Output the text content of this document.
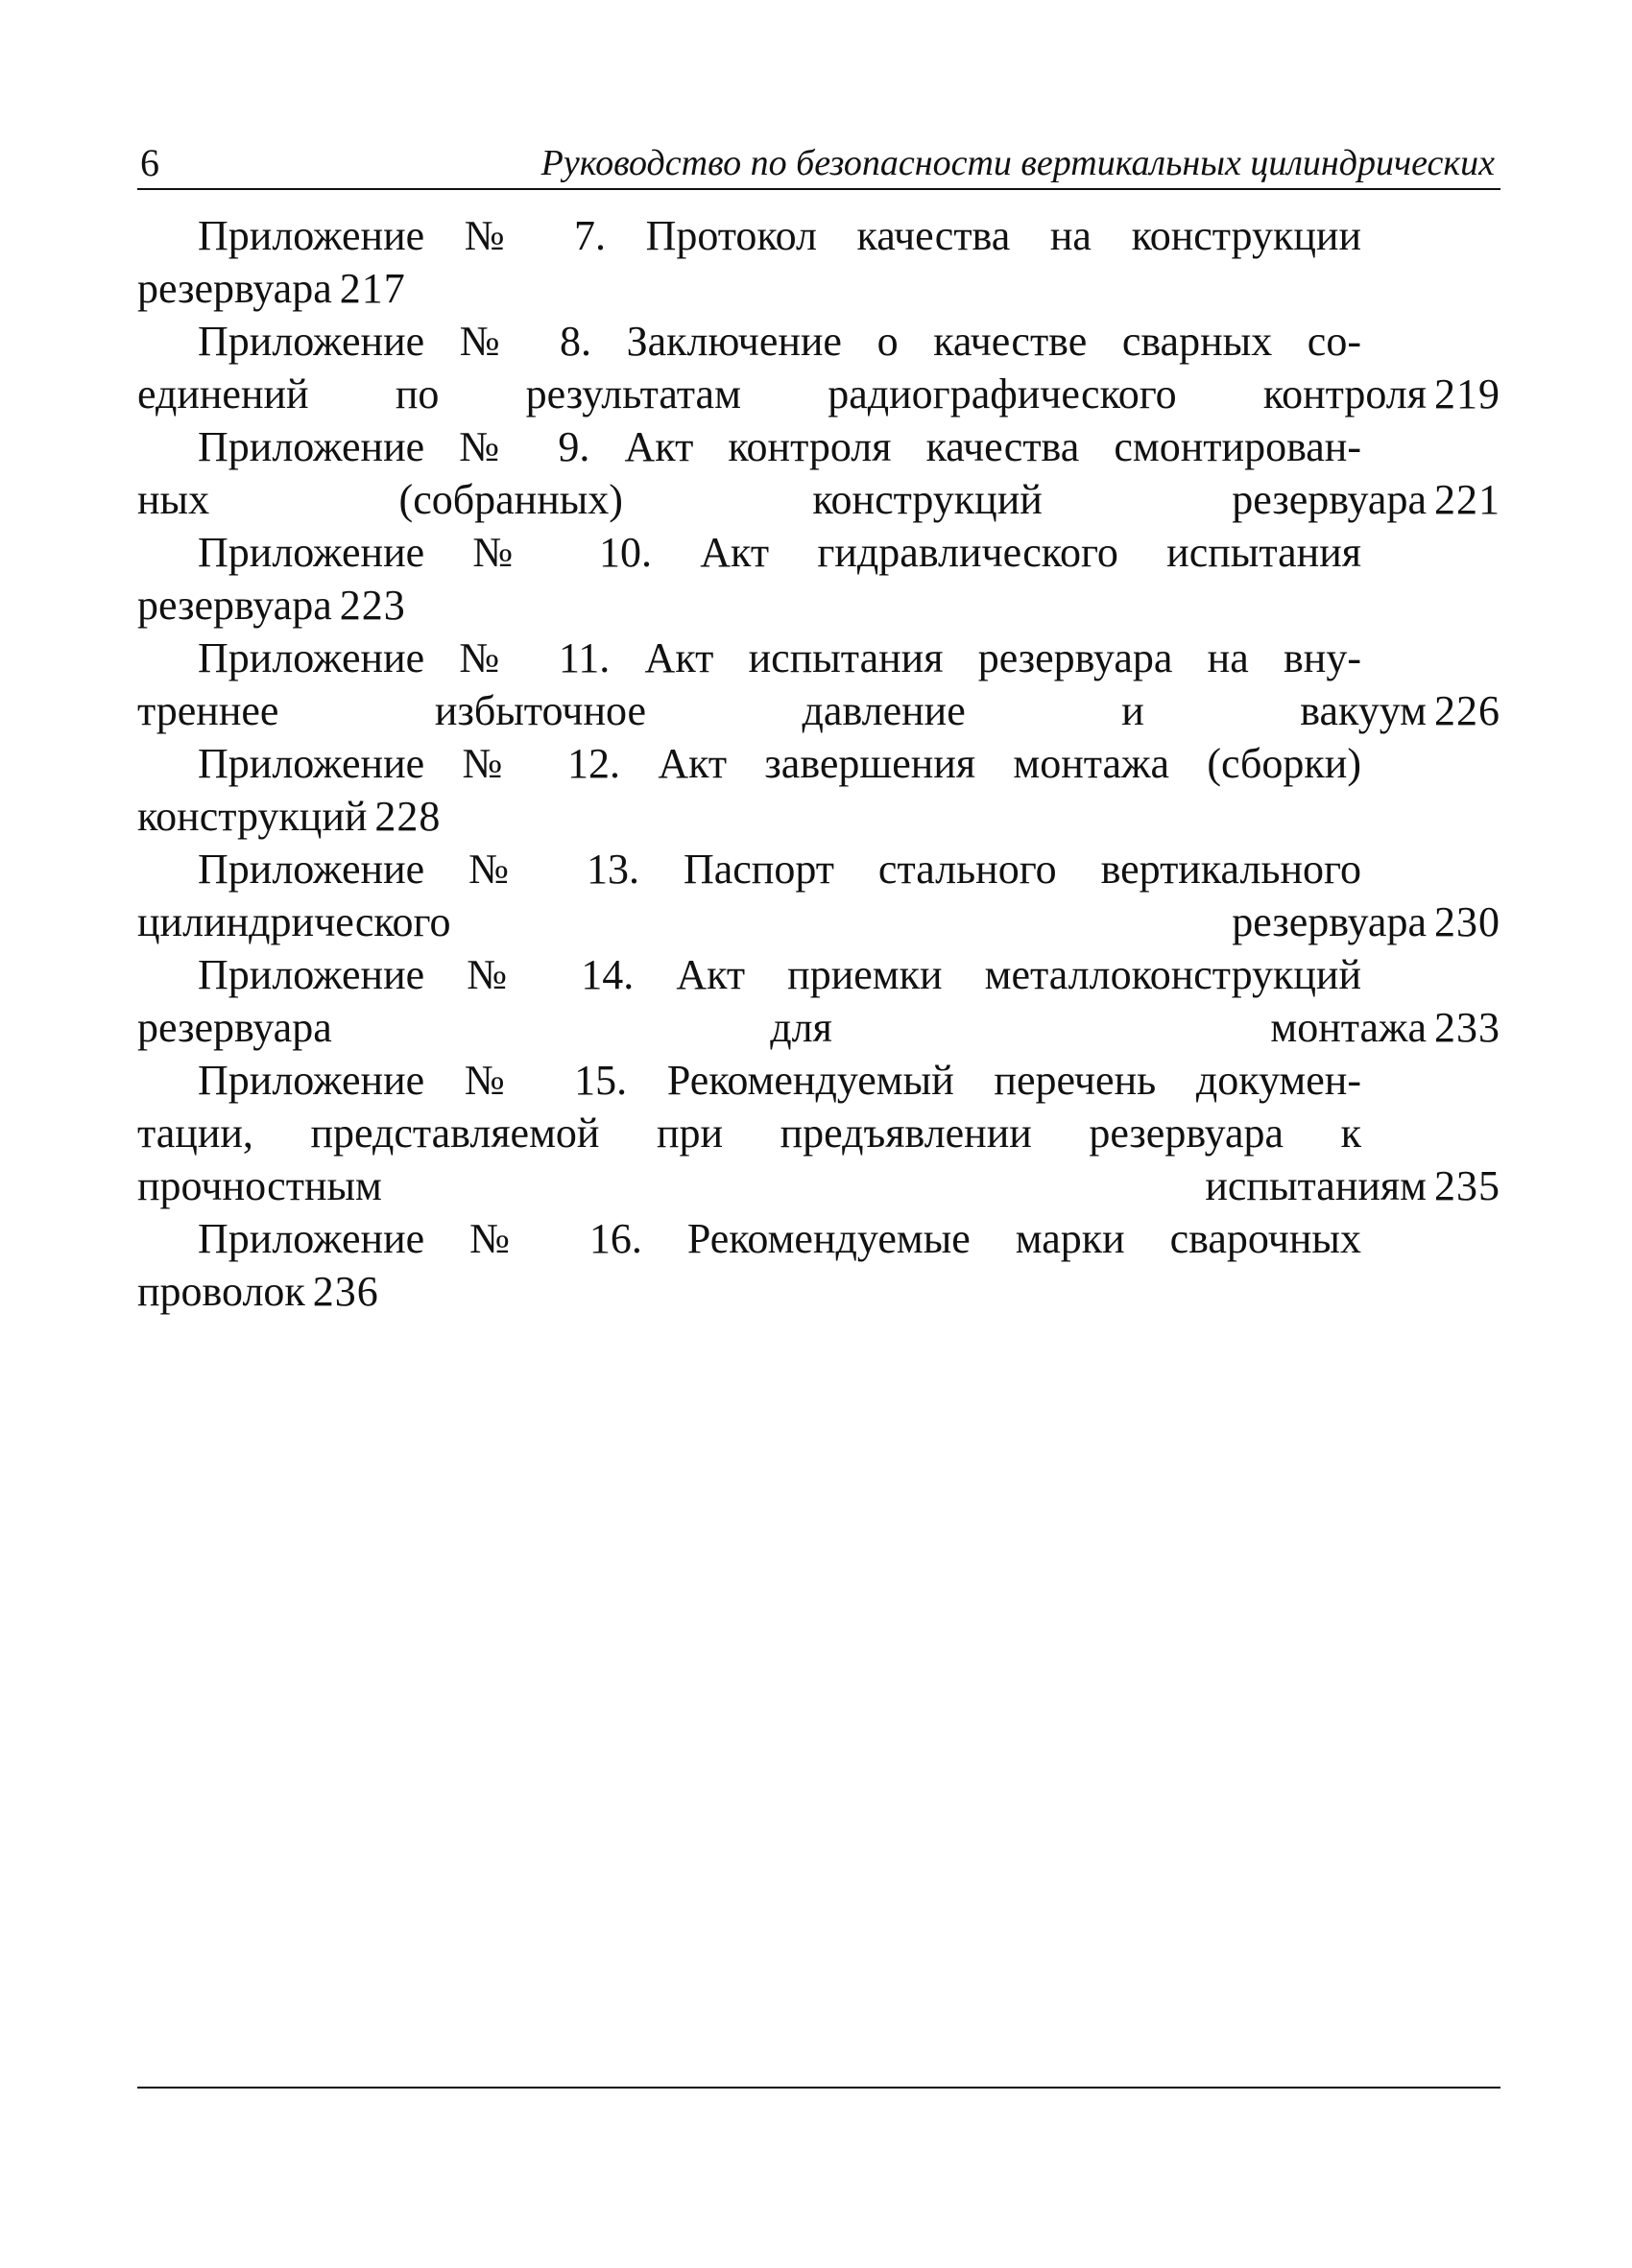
6	Руководство по безопасности вертикальных цилиндрических
Приложение № 7. Протокол качества на конструкции
резервуара 217
Приложение № 8. Заключение о качестве сварных со-
единений по результатам радиографического контроля 219
Приложение № 9. Акт контроля качества смонтирован-
ных (собранных) конструкций резервуара 221
Приложение № 10. Акт гидравлического испытания
резервуара 223
Приложение № 11. Акт испытания резервуара на вну-
треннее избыточное давление и вакуум 226
Приложение № 12. Акт завершения монтажа (сборки)
конструкций 228
Приложение № 13. Паспорт стального вертикального
цилиндрического резервуара 230
Приложение № 14. Акт приемки металлоконструкций
резервуара для монтажа 233
Приложение № 15. Рекомендуемый перечень докумен-
тации, представляемой при предъявлении резервуара к
прочностным испытаниям 235
Приложение № 16. Рекомендуемые марки сварочных
проволок 236
